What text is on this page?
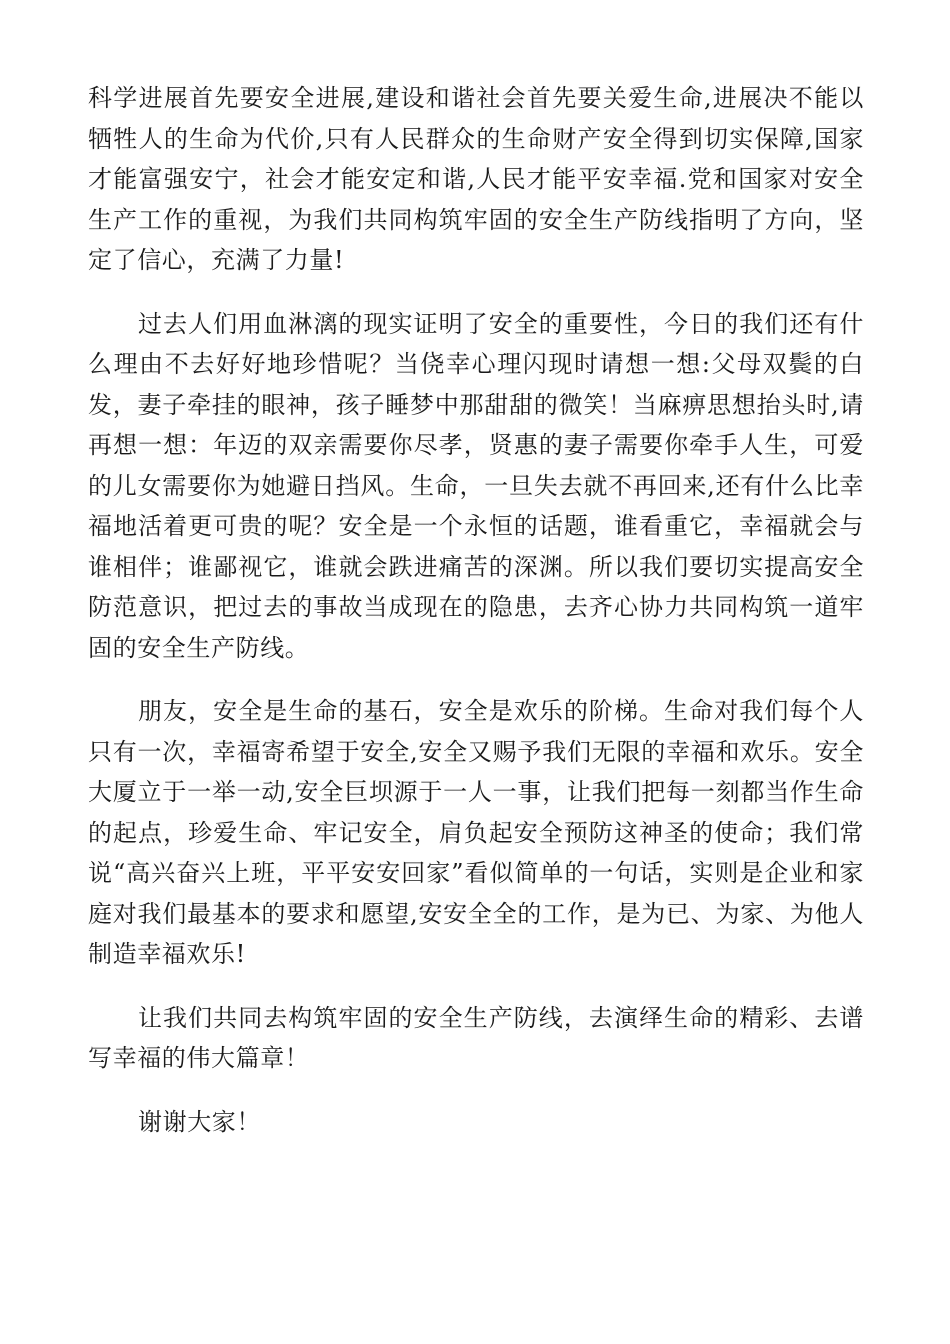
科学进展首先要安全进展,建设和谐社会首先要关爱生命,进展决不能以牺牲人的生命为代价,只有人民群众的生命财产安全得到切实保障,国家才能富强安宁，社会才能安定和谐,人民才能平安幸福.党和国家对安全生产工作的重视，为我们共同构筑牢固的安全生产防线指明了方向，坚定了信心，充满了力量!

过去人们用血淋漓的现实证明了安全的重要性，今日的我们还有什么理由不去好好地珍惜呢？当侥幸心理闪现时请想一想:父母双鬓的白发，妻子牵挂的眼神，孩子睡梦中那甜甜的微笑！当麻痹思想抬头时,请再想一想：年迈的双亲需要你尽孝，贤惠的妻子需要你牵手人生，可爱的儿女需要你为她避日挡风。生命，一旦失去就不再回来,还有什么比幸福地活着更可贵的呢？安全是一个永恒的话题，谁看重它，幸福就会与谁相伴；谁鄙视它，谁就会跌进痛苦的深渊。所以我们要切实提高安全防范意识，把过去的事故当成现在的隐患，去齐心协力共同构筑一道牢固的安全生产防线。

朋友，安全是生命的基石，安全是欢乐的阶梯。生命对我们每个人只有一次，幸福寄希望于安全,安全又赐予我们无限的幸福和欢乐。安全大厦立于一举一动,安全巨坝源于一人一事，让我们把每一刻都当作生命的起点，珍爱生命、牢记安全，肩负起安全预防这神圣的使命；我们常说“高兴奋兴上班，平平安安回家”看似简单的一句话，实则是企业和家庭对我们最基本的要求和愿望,安安全全的工作，是为已、为家、为他人制造幸福欢乐!

让我们共同去构筑牢固的安全生产防线，去演绎生命的精彩、去谱写幸福的伟大篇章！

谢谢大家！
